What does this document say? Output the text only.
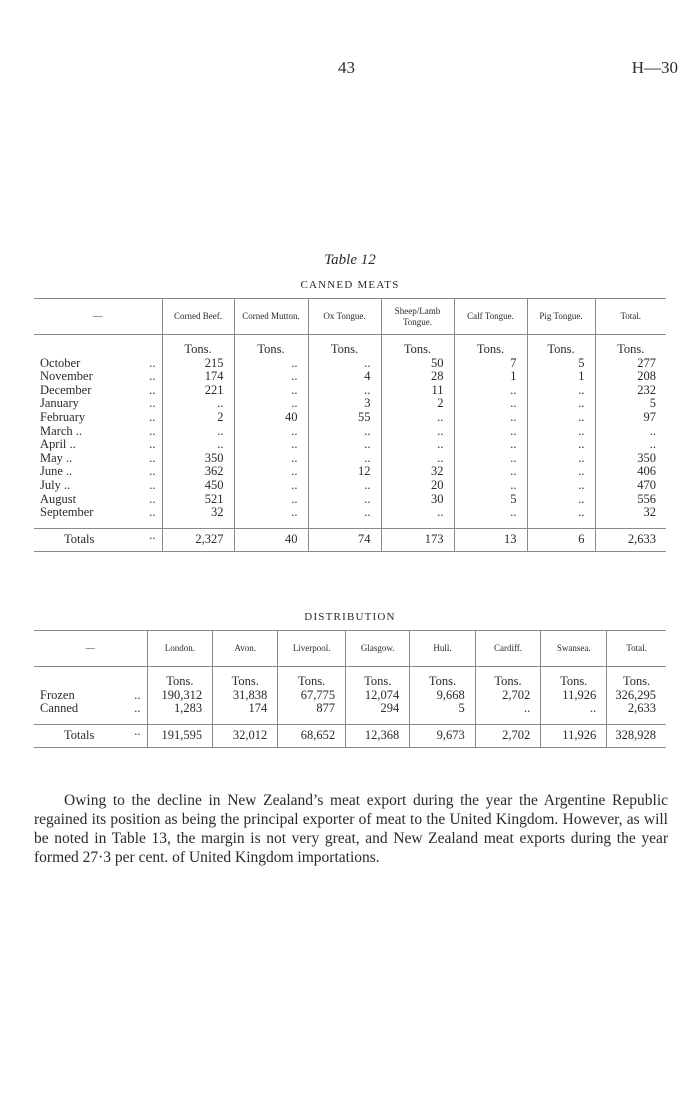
43	H—30
Table 12
CANNED MEATS
—	Corned Beef.	Corned Mutton.	Ox Tongue.	Sheep/Lamb Tongue.	Calf Tongue.	Pig Tongue.	Total.

	Tons.	Tons.	Tons.	Tons.	Tons.	Tons.	Tons.
October ..	215	..	..	50	7	5	277
November ..	174	..	4	28	1	1	208
December ..	221	..	..	11	..	..	232
January ..	..	..	3	2	..	..	5
February ..	2	40	55	..	..	..	97
March .. ..	..	..	..	..	..	..	..
April .. ..	..	..	..	..	..	..	..
May .. ..	350	..	..	..	..	..	350
June .. ..	362	..	12	32	..	..	406
July .. ..	450	..	..	20	..	..	470
August ..	521	..	..	30	5	..	556
September ..	32	..	..	..	..	..	32

Totals ..	2,327	40	74	173	13	6	2,633
DISTRIBUTION
—	London.	Avon.	Liverpool.	Glasgow.	Hull.	Cardiff.	Swansea.	Total.

	Tons.	Tons.	Tons.	Tons.	Tons.	Tons.	Tons.	Tons.
Frozen ..	190,312	31,838	67,775	12,074	9,668	2,702	11,926	326,295
Canned ..	1,283	174	877	294	5	..	..	2,633

Totals ..	191,595	32,012	68,652	12,368	9,673	2,702	11,926	328,928

Owing to the decline in New Zealand’s meat export during the year the Argentine Republic regained its position as being the principal exporter of meat to the United Kingdom. However, as will be noted in Table 13, the margin is not very great, and New Zealand meat exports during the year formed 27·3 per cent. of United Kingdom importations.
